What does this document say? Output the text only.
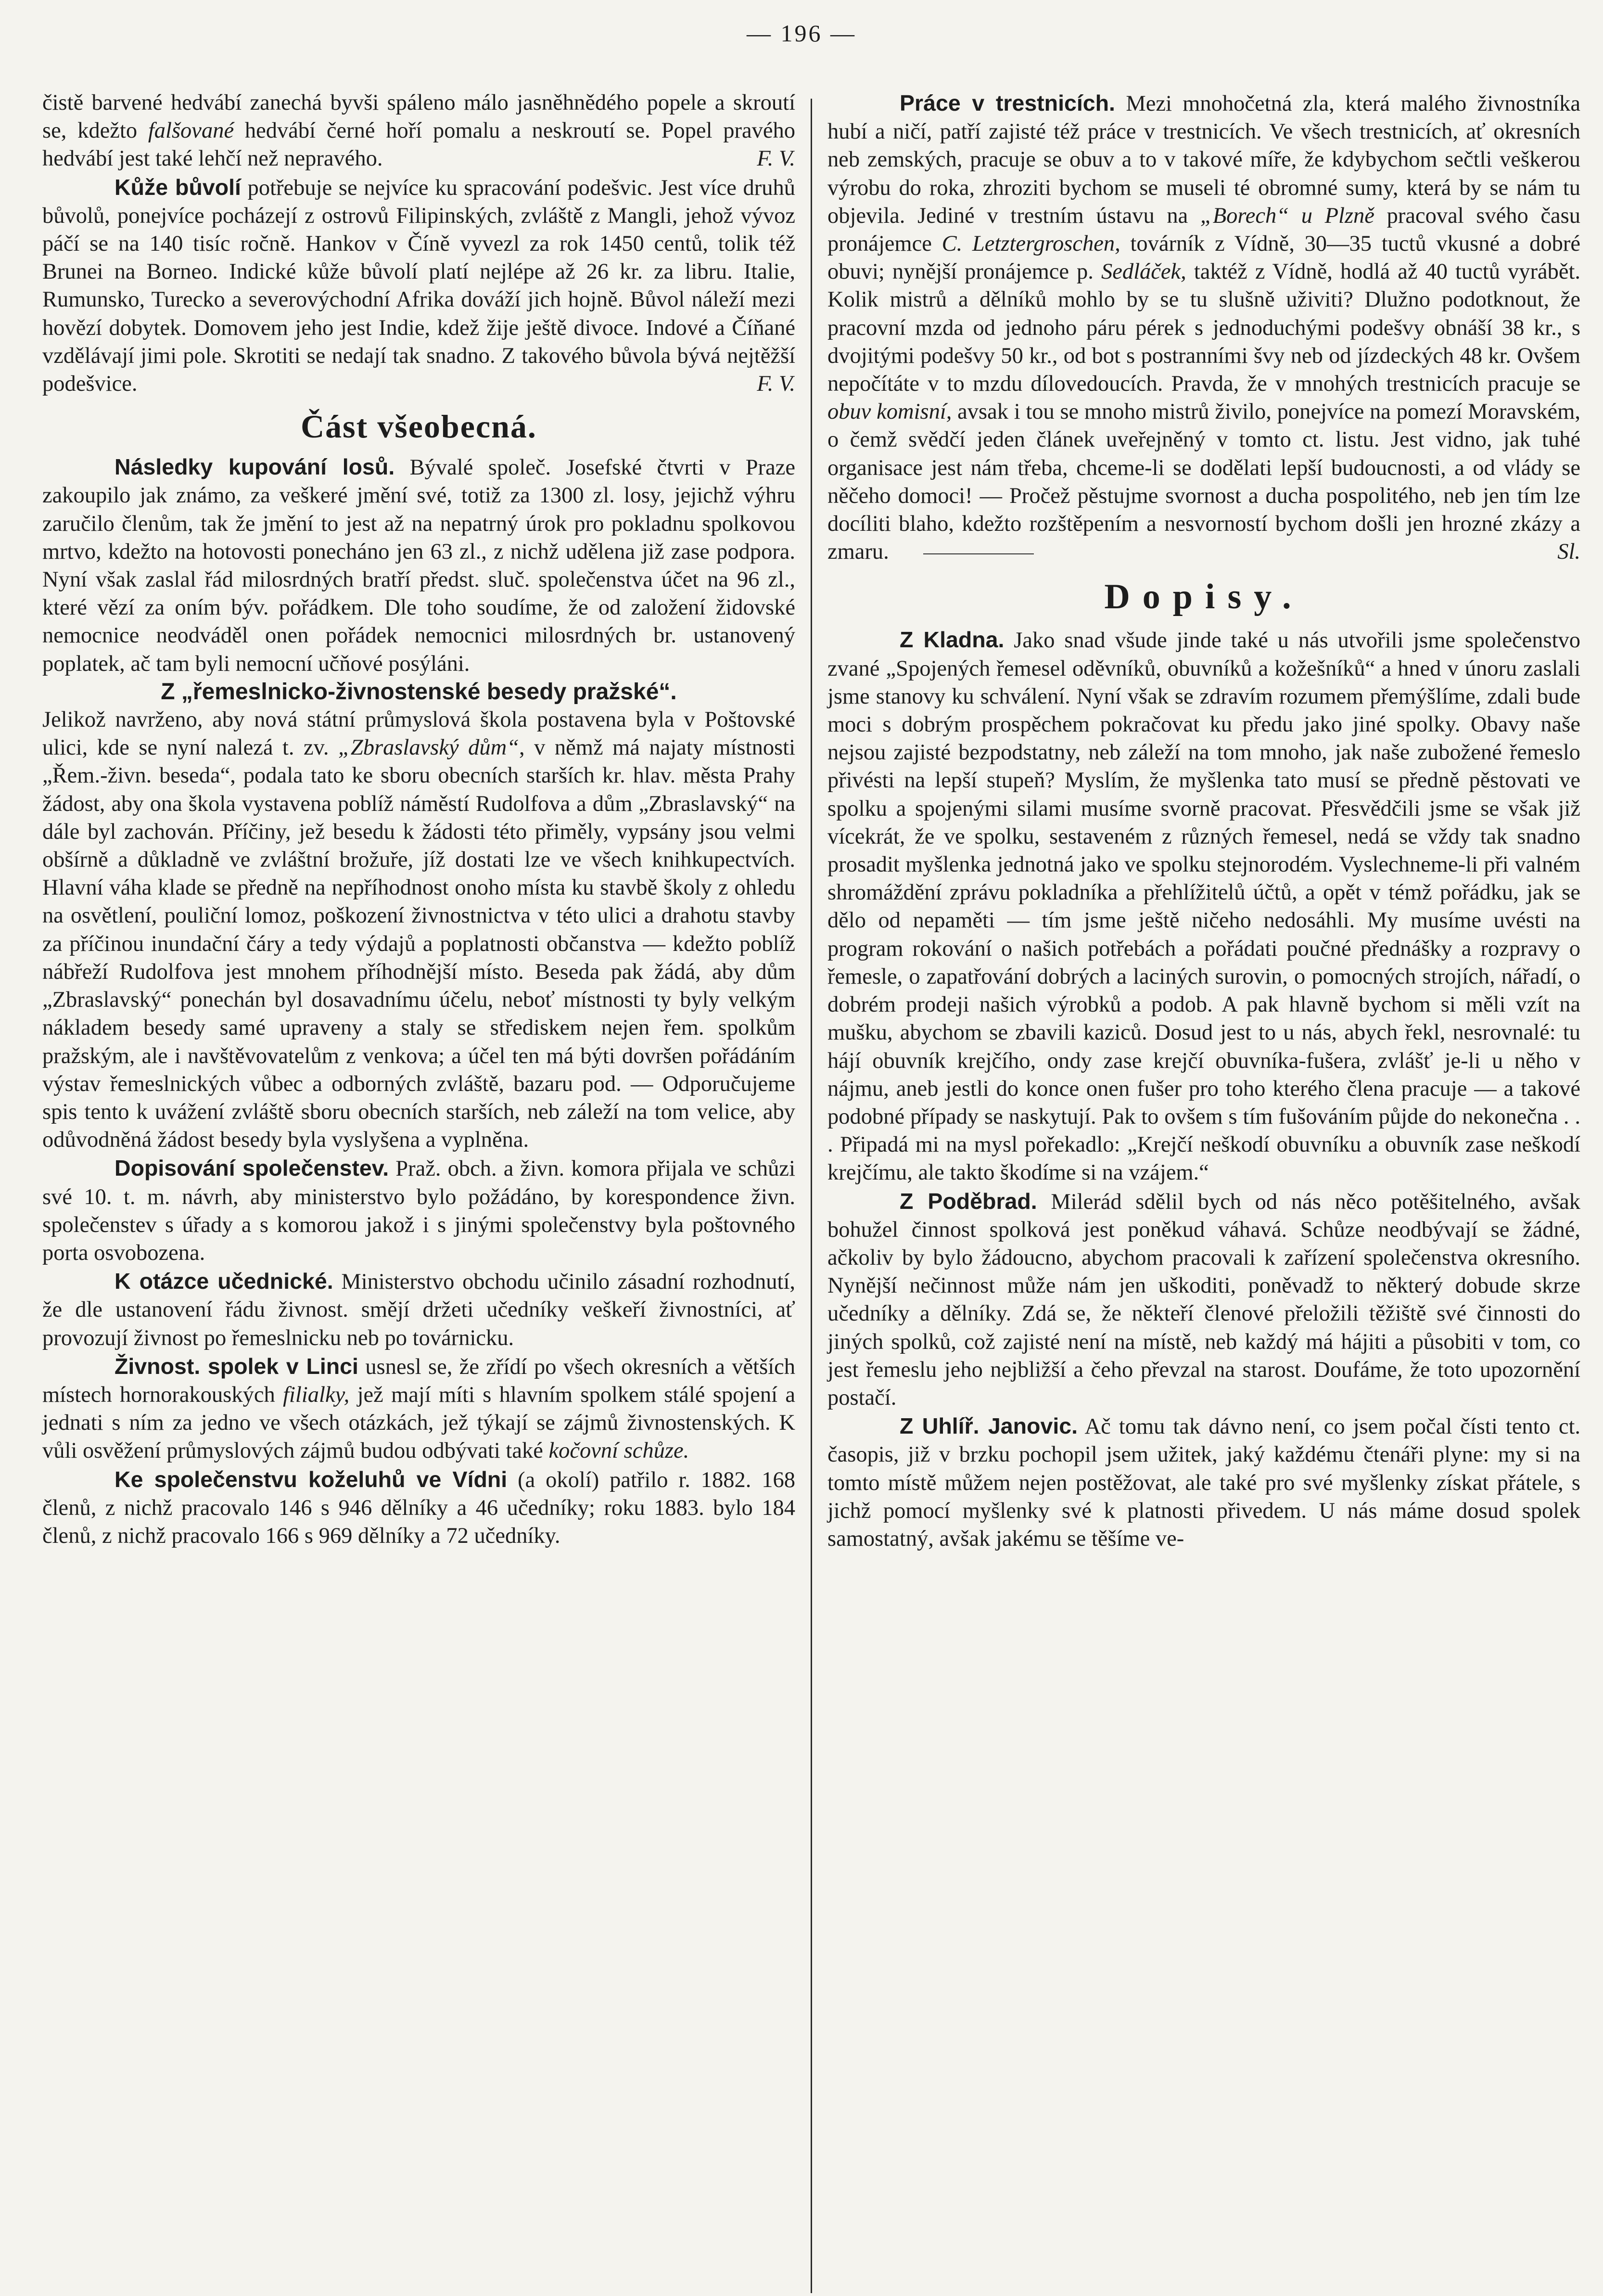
— 196 —

čistě barvené hedvábí zanechá byvši spáleno málo jasněhnědého popele a skroutí se, kdežto falšované hedvábí černé hoří pomalu a neskroutí se. Popel pravého hedvábí jest také lehčí než nepravého.	F. V.

Kůže bůvolí potřebuje se nejvíce ku spracování podešvic. Jest více druhů bůvolů, ponejvíce pocházejí z ostrovů Filipinských, zvláště z Mangli, jehož vývoz páčí se na 140 tisíc ročně. Hankov v Číně vyvezl za rok 1450 centů, tolik též Brunei na Borneo. Indické kůže bůvolí platí nejlépe až 26 kr. za libru. Italie, Rumunsko, Turecko a severovýchodní Afrika dováží jich hojně. Bůvol náleží mezi hovězí dobytek. Domovem jeho jest Indie, kdež žije ještě divoce. Indové a Číňané vzdělávají jimi pole. Skrotiti se nedají tak snadno. Z takového bůvola bývá nejtěžší podešvice.	F. V.

Část všeobecná.

Následky kupování losů. Bývalé společ. Josefské čtvrti v Praze zakoupilo jak známo, za veškeré jmění své, totiž za 1300 zl. losy, jejichž výhru zaručilo členům, tak že jmění to jest až na nepatrný úrok pro pokladnu spolkovou mrtvo, kdežto na hotovosti ponecháno jen 63 zl., z nichž udělena již zase podpora. Nyní však zaslal řád milosrdných bratří předst. sluč. společenstva účet na 96 zl., které vězí za oním býv. pořádkem. Dle toho soudíme, že od založení židovské nemocnice neodváděl onen pořádek nemocnici milosrdných br. ustanovený poplatek, ač tam byli nemocní učňové posýláni.

Z „řemeslnicko-živnostenské besedy pražské“.

Jelikož navrženo, aby nová státní průmyslová škola postavena byla v Poštovské ulici, kde se nyní nalezá t. zv. „Zbraslavský dům“, v němž má najaty místnosti „Řem.-živn. beseda“, podala tato ke sboru obecních starších kr. hlav. města Prahy žádost, aby ona škola vystavena poblíž náměstí Rudolfova a dům „Zbraslavský“ na dále byl zachován. Příčiny, jež besedu k žádosti této přiměly, vypsány jsou velmi obšírně a důkladně ve zvláštní brožuře, jíž dostati lze ve všech knihkupectvích. Hlavní váha klade se předně na nepříhodnost onoho místa ku stavbě školy z ohledu na osvětlení, pouliční lomoz, poškození živnostnictva v této ulici a drahotu stavby za příčinou inundační čáry a tedy výdajů a poplatnosti občanstva — kdežto poblíž nábřeží Rudolfova jest mnohem příhodnější místo. Beseda pak žádá, aby dům „Zbraslavský“ ponechán byl dosavadnímu účelu, neboť místnosti ty byly velkým nákladem besedy samé upraveny a staly se střediskem nejen řem. spolkům pražským, ale i navštěvovatelům z venkova; a účel ten má býti dovršen pořádáním výstav řemeslnických vůbec a odborných zvláště, bazaru pod. — Odporučujeme spis tento k uvážení zvláště sboru obecních starších, neb záleží na tom velice, aby odůvodněná žádost besedy byla vyslyšena a vyplněna.

Dopisování společenstev. Praž. obch. a živn. komora přijala ve schůzi své 10. t. m. návrh, aby ministerstvo bylo požádáno, by korespondence živn. společenstev s úřady a s komorou jakož i s jinými společenstvy byla poštovného porta osvobozena.

K otázce učednické. Ministerstvo obchodu učinilo zásadní rozhodnutí, že dle ustanovení řádu živnost. smějí držeti učedníky veškeří živnostníci, ať provozují živnost po řemeslnicku neb po továrnicku.

Živnost. spolek v Linci usnesl se, že zřídí po všech okresních a větších místech hornorakouských filialky, jež mají míti s hlavním spolkem stálé spojení a jednati s ním za jedno ve všech otázkách, jež týkají se zájmů živnostenských. K vůli osvěžení průmyslových zájmů budou odbývati také kočovní schůze.

Ke společenstvu koželuhů ve Vídni (a okolí) patřilo r. 1882. 168 členů, z nichž pracovalo 146 s 946 dělníky a 46 učedníky; roku 1883. bylo 184 členů, z nichž pracovalo 166 s 969 dělníky a 72 učedníky.

Práce v trestnicích. Mezi mnohočetná zla, která malého živnostníka hubí a ničí, patří zajisté též práce v trestnicích. Ve všech trestnicích, ať okresních neb zemských, pracuje se obuv a to v takové míře, že kdybychom sečtli veškerou výrobu do roka, zhroziti bychom se museli té obromné sumy, která by se nám tu objevila. Jediné v trestním ústavu na „Borech“ u Plzně pracoval svého času pronájemce C. Letztergroschen, továrník z Vídně, 30—35 tuctů vkusné a dobré obuvi; nynější pronájemce p. Sedláček, taktéž z Vídně, hodlá až 40 tuctů vyrábět. Kolik mistrů a dělníků mohlo by se tu slušně uživiti? Dlužno podotknout, že pracovní mzda od jednoho páru pérek s jednoduchými podešvy obnáší 38 kr., s dvojitými podešvy 50 kr., od bot s postranními švy neb od jízdeckých 48 kr. Ovšem nepočítáte v to mzdu dílovedoucích. Pravda, že v mnohých trestnicích pracuje se obuv komisní, avsak i tou se mnoho mistrů živilo, ponejvíce na pomezí Moravském, o čemž svědčí jeden článek uveřejněný v tomto ct. listu. Jest vidno, jak tuhé organisace jest nám třeba, chceme-li se dodělati lepší budoucnosti, a od vlády se něčeho domoci! — Pročež pěstujme svornost a ducha pospolitého, neb jen tím lze docíliti blaho, kdežto rozštěpením a nesvorností bychom došli jen hrozné zkázy a zmaru.	Sl.

Dopisy.

Z Kladna. Jako snad všude jinde také u nás utvořili jsme společenstvo zvané „Spojených řemesel oděvníků, obuvníků a kožešníků“ a hned v únoru zaslali jsme stanovy ku schválení. Nyní však se zdravím rozumem přemýšlíme, zdali bude moci s dobrým prospěchem pokračovat ku předu jako jiné spolky. Obavy naše nejsou zajisté bezpodstatny, neb záleží na tom mnoho, jak naše zubožené řemeslo přivésti na lepší stupeň? Myslím, že myšlenka tato musí se předně pěstovati ve spolku a spojenými silami musíme svorně pracovat. Přesvědčili jsme se však již vícekrát, že ve spolku, sestaveném z různých řemesel, nedá se vždy tak snadno prosadit myšlenka jednotná jako ve spolku stejnorodém. Vyslechneme-li při valném shromáždění zprávu pokladníka a přehlížitelů účtů, a opět v témž pořádku, jak se dělo od nepaměti — tím jsme ještě ničeho nedosáhli. My musíme uvésti na program rokování o našich potřebách a pořádati poučné přednášky a rozpravy o řemesle, o zapatřování dobrých a laciných surovin, o pomocných strojích, nářadí, o dobrém prodeji našich výrobků a podob. A pak hlavně bychom si měli vzít na mušku, abychom se zbavili kaziců. Dosud jest to u nás, abych řekl, nesrovnalé: tu hájí obuvník krejčího, ondy zase krejčí obuvníka-fušera, zvlášť je-li u něho v nájmu, aneb jestli do konce onen fušer pro toho kterého člena pracuje — a takové podobné případy se naskytují. Pak to ovšem s tím fušováním půjde do nekonečna . . . Připadá mi na mysl pořekadlo: „Krejčí neškodí obuvníku a obuvník zase neškodí krejčímu, ale takto škodíme si na vzájem.“

Z Poděbrad. Milerád sdělil bych od nás něco potěšitelného, avšak bohužel činnost spolková jest poněkud váhavá. Schůze neodbývají se žádné, ačkoliv by bylo žádoucno, abychom pracovali k zařízení společenstva okresního. Nynější nečinnost může nám jen uškoditi, poněvadž to některý dobude skrze učedníky a dělníky. Zdá se, že někteří členové přeložili těžiště své činnosti do jiných spolků, což zajisté není na místě, neb každý má hájiti a působiti v tom, co jest řemeslu jeho nejbližší a čeho převzal na starost. Doufáme, že toto upozornění postačí.

Z Uhlíř. Janovic. Ač tomu tak dávno není, co jsem počal čísti tento ct. časopis, již v brzku pochopil jsem užitek, jaký každému čtenáři plyne: my si na tomto místě můžem nejen postěžovat, ale také pro své myšlenky získat přátele, s jichž pomocí myšlenky své k platnosti přivedem. U nás máme dosud spolek samostatný, avšak jakému se těšíme ve-
